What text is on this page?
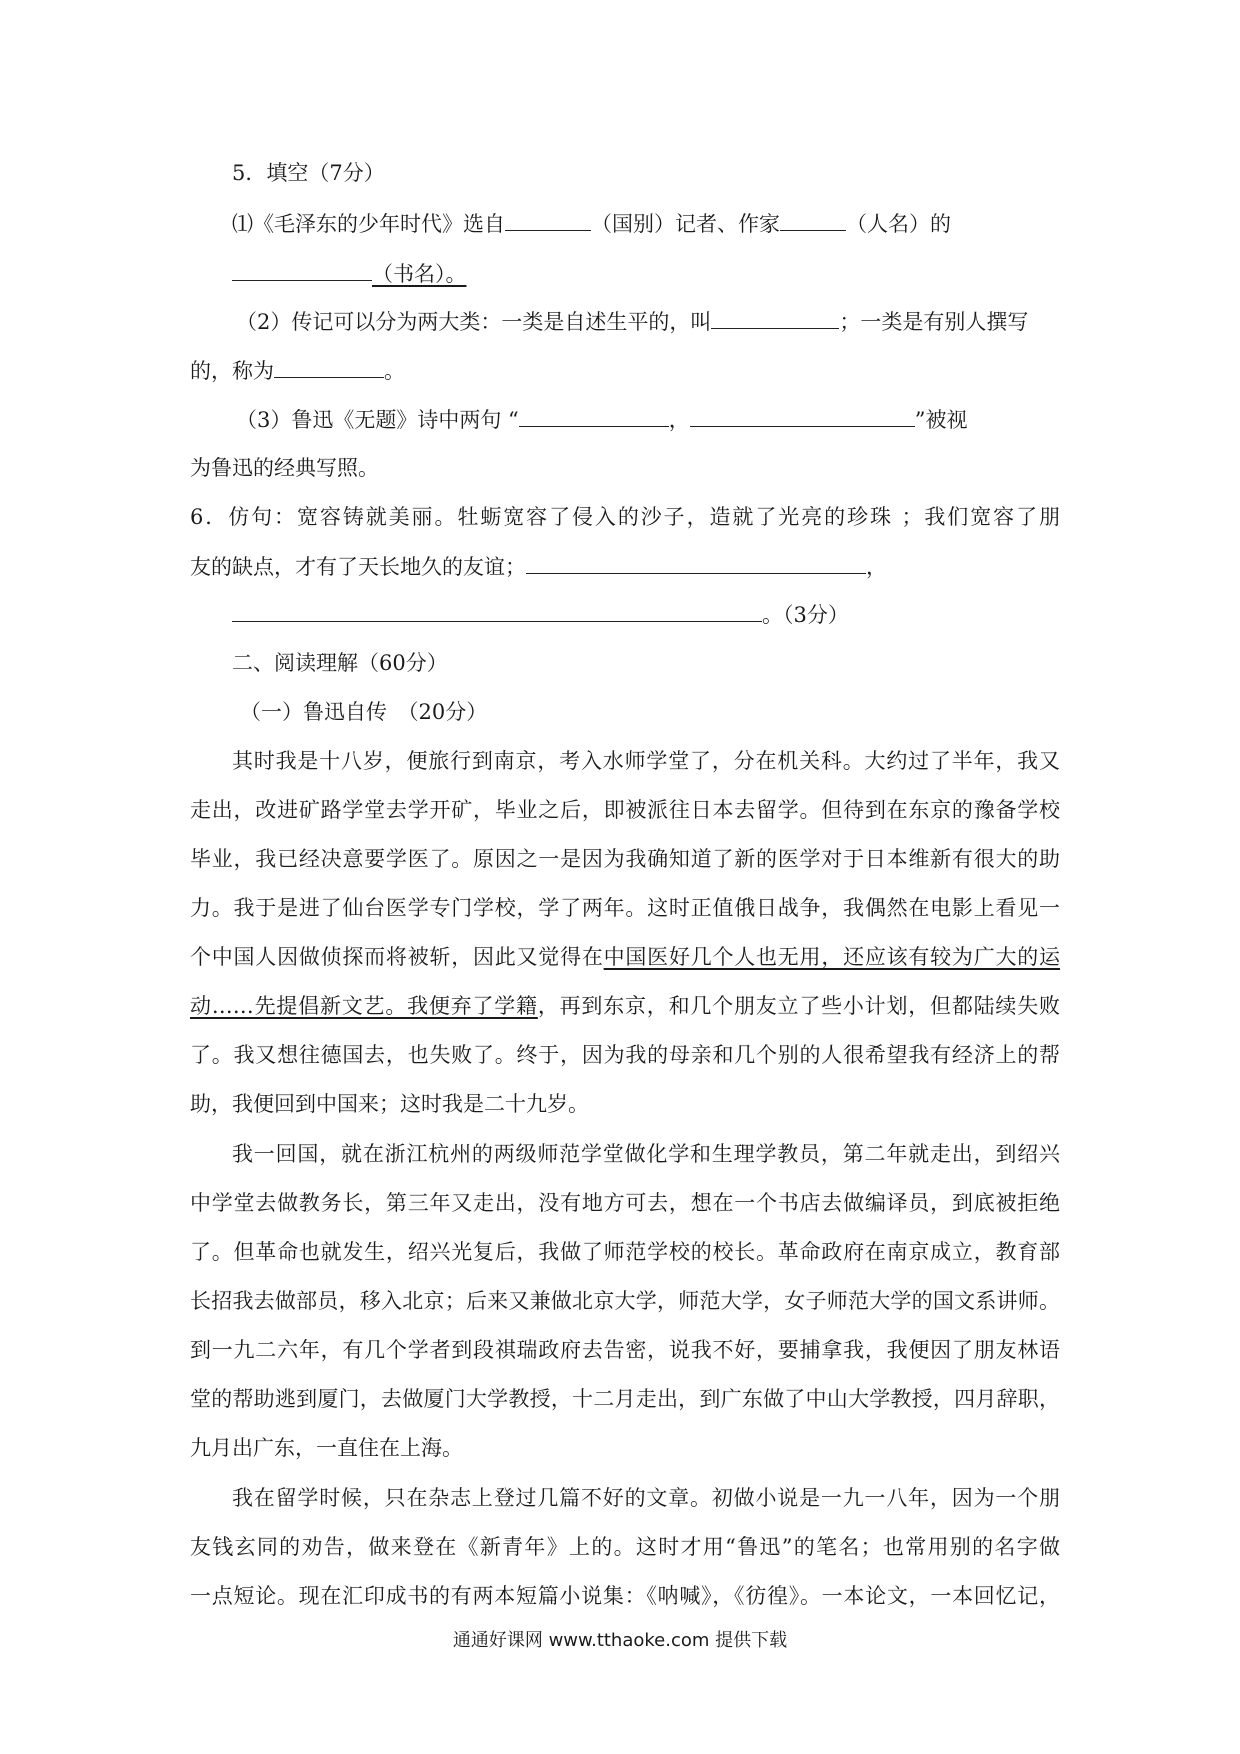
5．填空（7分）
⑴《毛泽东的少年时代》选自	（国别）记者、作家	（人名）的
（书名）。
（2）传记可以分为两大类：一类是自述生平的，叫	；一类是有别人撰写
的，称为	。
（3）鲁迅《无题》诗中两句 “	，	”被视
为鲁迅的经典写照。
6．仿句：宽容铸就美丽。牡蛎宽容了侵入的沙子，造就了光亮的珍珠 ；我们宽容了朋
友的缺点，才有了天长地久的友谊；	，
。（3分）
二、阅读理解（60分）
（一）鲁迅自传　（20分）
其时我是十八岁，便旅行到南京，考入水师学堂了，分在机关科。大约过了半年，我又
走出，改进矿路学堂去学开矿，毕业之后，即被派往日本去留学。但待到在东京的豫备学校
毕业，我已经决意要学医了。原因之一是因为我确知道了新的医学对于日本维新有很大的助
力。我于是进了仙台医学专门学校，学了两年。这时正值俄日战争，我偶然在电影上看见一
个中国人因做侦探而将被斩，因此又觉得在中国医好几个人也无用，还应该有较为广大的运
动……先提倡新文艺。我便弃了学籍，再到东京，和几个朋友立了些小计划，但都陆续失败
了。我又想往德国去，也失败了。终于，因为我的母亲和几个别的人很希望我有经济上的帮
助，我便回到中国来；这时我是二十九岁。
我一回国，就在浙江杭州的两级师范学堂做化学和生理学教员，第二年就走出，到绍兴
中学堂去做教务长，第三年又走出，没有地方可去，想在一个书店去做编译员，到底被拒绝
了。但革命也就发生，绍兴光复后，我做了师范学校的校长。革命政府在南京成立，教育部
长招我去做部员，移入北京；后来又兼做北京大学，师范大学，女子师范大学的国文系讲师。
到一九二六年，有几个学者到段祺瑞政府去告密，说我不好，要捕拿我，我便因了朋友林语
堂的帮助逃到厦门，去做厦门大学教授，十二月走出，到广东做了中山大学教授，四月辞职，
九月出广东，一直住在上海。
我在留学时候，只在杂志上登过几篇不好的文章。初做小说是一九一八年，因为一个朋
友钱玄同的劝告，做来登在《新青年》上的。这时才用“鲁迅”的笔名；也常用别的名字做
一点短论。现在汇印成书的有两本短篇小说集：《呐喊》，《彷徨》。一本论文，一本回忆记，
通通好课网 www.tthaoke.com 提供下载
